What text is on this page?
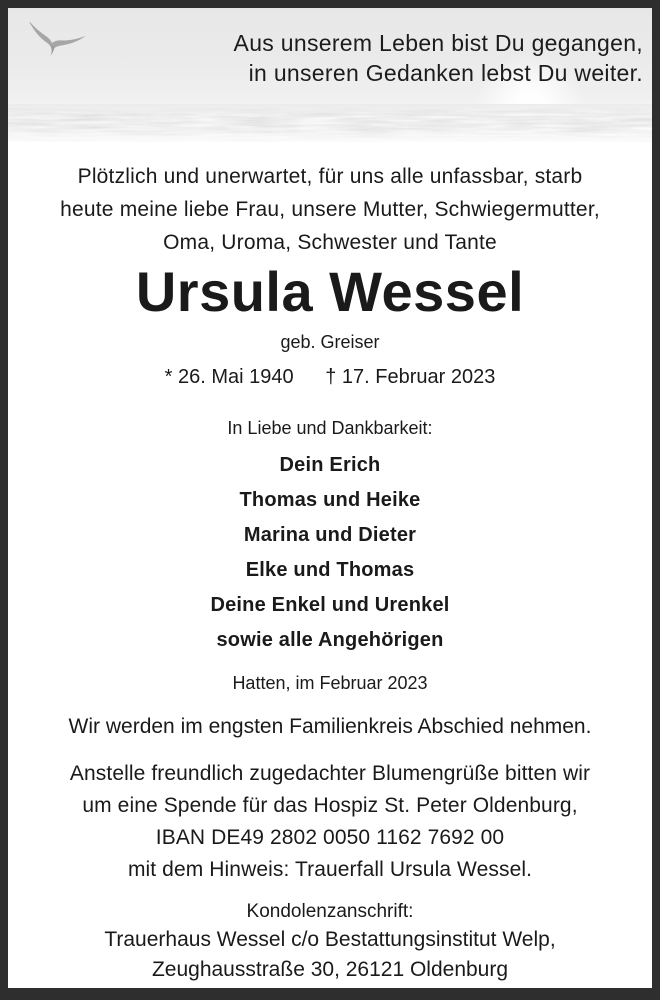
Aus unserem Leben bist Du gegangen,
in unseren Gedanken lebst Du weiter.
Plötzlich und unerwartet, für uns alle unfassbar, starb
heute meine liebe Frau, unsere Mutter, Schwiegermutter,
Oma, Uroma, Schwester und Tante
Ursula Wessel
geb. Greiser
* 26. Mai 1940 † 17. Februar 2023
In Liebe und Dankbarkeit:
Dein Erich
Thomas und Heike
Marina und Dieter
Elke und Thomas
Deine Enkel und Urenkel
sowie alle Angehörigen
Hatten, im Februar 2023
Wir werden im engsten Familienkreis Abschied nehmen.
Anstelle freundlich zugedachter Blumengrüße bitten wir
um eine Spende für das Hospiz St. Peter Oldenburg,
IBAN DE49 2802 0050 1162 7692 00
mit dem Hinweis: Trauerfall Ursula Wessel.
Kondolenzanschrift:
Trauerhaus Wessel c/o Bestattungsinstitut Welp,
Zeughausstraße 30, 26121 Oldenburg
